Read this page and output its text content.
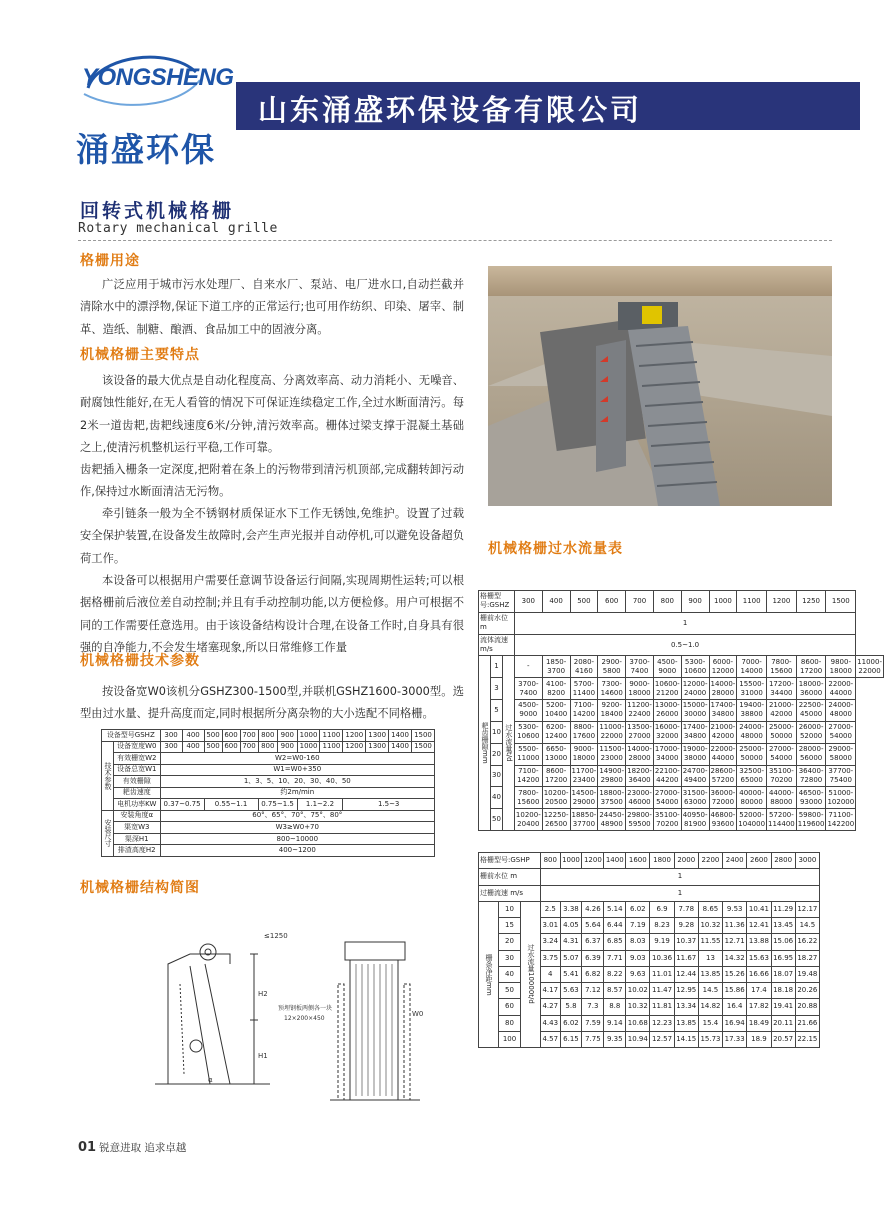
YONGSHENG
涌盛环保
山东涌盛环保设备有限公司
回转式机械格栅
Rotary mechanical grille
格栅用途
广泛应用于城市污水处理厂、自来水厂、泵站、电厂进水口,自动拦截并清除水中的漂浮物,保证下道工序的正常运行;也可用作纺织、印染、屠宰、制革、造纸、制糖、酿酒、食品加工中的固液分离。
机械格栅主要特点
该设备的最大优点是自动化程度高、分离效率高、动力消耗小、无噪音、耐腐蚀性能好,在无人看管的情况下可保证连续稳定工作,全过水断面清污。每2米一道齿耙,齿耙线速度6米/分钟,清污效率高。栅体过梁支撑于混凝土基础之上,使清污机整机运行平稳,工作可靠。
齿耙插入栅条一定深度,把附着在条上的污物带到清污机顶部,完成翻转卸污动作,保持过水断面清洁无污物。
牵引链条一般为全不锈钢材质保证水下工作无锈蚀,免维护。设置了过载安全保护装置,在设备发生故障时,会产生声光报并自动停机,可以避免设备超负荷工作。
本设备可以根据用户需要任意调节设备运行间隔,实现周期性运转;可以根据格栅前后液位差自动控制;并且有手动控制功能,以方便检修。用户可根据不同的工作需要任意选用。由于该设备结构设计合理,在设备工作时,自身具有很强的自净能力,不会发生堵塞现象,所以日常维修工作量
机械格栅技术参数
按设备宽W0该机分GSHZ300-1500型,并联机GSHZ1600-3000型。选型由过水量、提升高度而定,同时根据所分离杂物的大小选配不同格栅。
设备型号GSHZ		300	400	500	600	700	800	900	1000	1100	1200	1300	1400	1500
技术参数	设备宽度W0	300	400	500	600	700	800	900	1000	1100	1200	1300	1400	1500
	有效栅宽W2	W2=W0-160												
	设备总宽W1	W1=W0+350												
	有效栅隙	1、3、5、10、20、30、40、50												
	耙齿速度	约2m/min												
	电机功率KW	0.37~0.75		0.55~1.1			0.75~1.5		1.1~2.2		1.5~3			
安装尺寸	安装角度α	60°、65°、70°、75°、80°												
	渠宽W3	W3≥W0+70												
	渠深H1	800~10000												
	排渣高度H2	400~1200												
机械格栅结构简图
≤1250
H2
H1
α
W0
预埋钢板两侧各一块
12×200×450
机械格栅过水流量表
格栅型号:GSHZ			300	400	500	600	700	800	900	1000	1100	1200	1250	1500	
栅前水位 m			1												
流体流速 m/s			0.5~1.0												
耙齿栅隙mm	1	过水流量t/d	-	1850-3700	2080-4160	2900-5800	3700-7400	4500-9000	5300-10600	6000-12000	7000-14000	7800-15600	8600-17200	9800-18000	11000-22000
	3		3700-7400	4100-8200	5700-11400	7300-14600	9000-18000	10600-21200	12000-24000	14000-28000	15500-31000	17200-34400	18000-36000	22000-44000	
	5		4500-9000	5200-10400	7100-14200	9200-18400	11200-22400	13000-26000	15000-30000	17400-34800	19400-38800	21000-42000	22500-45000	24000-48000	
	10		5300-10600	6200-12400	8800-17600	11000-22000	13500-27000	16000-32000	17400-34800	21000-42000	24000-48000	25000-50000	26000-52000	27000-54000	
	20		5500-11000	6650-13000	9000-18000	11500-23000	14000-28000	17000-34000	19000-38000	22000-44000	25000-50000	27000-54000	28000-56000	29000-58000	
	30		7100-14200	8600-17200	11700-23400	14900-29800	18200-36400	22100-44200	24700-49400	28600-57200	32500-65000	35100-70200	36400-72800	37700-75400	
	40		7800-15600	10200-20500	14500-29000	18800-37500	23000-46000	27000-54000	31500-63000	36000-72000	40000-80000	44000-88000	46500-93000	51000-102000	
	50		10200-20400	12250-26500	18850-37700	24450-48900	29800-59500	35100-70200	40950-81900	46800-93600	52000-104000	57200-114400	59800-119600	71100-142200	
格栅型号:GSHP			800	1000	1200	1400	1600	1800	2000	2200	2400	2600	2800	3000
栅前水位 m			1											
过栅流速 m/s			1											
栅条净距mm	10	过水流量10000t/d	2.5	3.38	4.26	5.14	6.02	6.9	7.78	8.65	9.53	10.41	11.29	12.17
	15		3.01	4.05	5.64	6.44	7.19	8.23	9.28	10.32	11.36	12.41	13.45	14.5
	20		3.24	4.31	6.37	6.85	8.03	9.19	10.37	11.55	12.71	13.88	15.06	16.22
	30		3.75	5.07	6.39	7.71	9.03	10.36	11.67	13	14.32	15.63	16.95	18.27
	40		4	5.41	6.82	8.22	9.63	11.01	12.44	13.85	15.26	16.66	18.07	19.48
	50		4.17	5.63	7.12	8.57	10.02	11.47	12.95	14.5	15.86	17.4	18.18	20.26
	60		4.27	5.8	7.3	8.8	10.32	11.81	13.34	14.82	16.4	17.82	19.41	20.88
	80		4.43	6.02	7.59	9.14	10.68	12.23	13.85	15.4	16.94	18.49	20.11	21.66
	100		4.57	6.15	7.75	9.35	10.94	12.57	14.15	15.73	17.33	18.9	20.57	22.15
01 锐意进取 追求卓越
